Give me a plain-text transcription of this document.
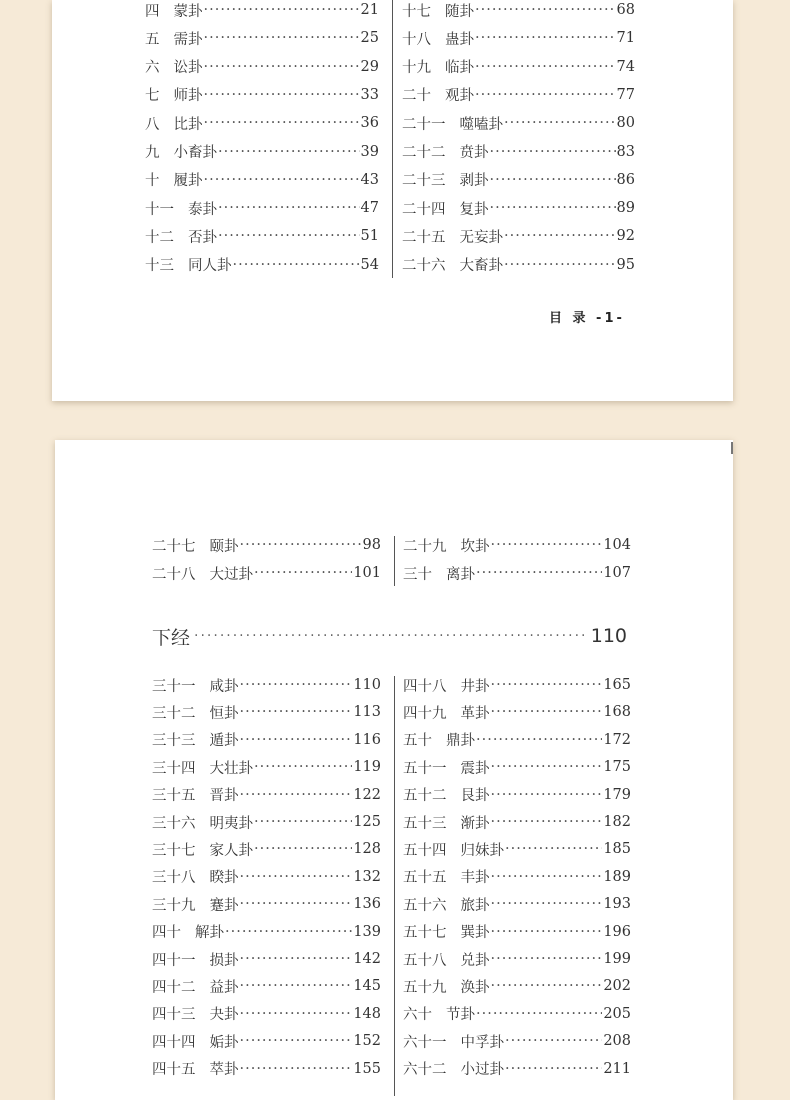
四 蒙卦 ·····	21
五 需卦 ·····	25
六 讼卦 ·····	29
七 师卦 ·····	33
八 比卦 ·····	36
九 小畜卦 ·····	39
十 履卦 ·····	43
十一 泰卦 ·····	47
十二 否卦 ·····	51
十三 同人卦 ·····	54
十七 随卦 ·····	68
十八 蛊卦 ·····	71
十九 临卦 ·····	74
二十 观卦 ·····	77
二十一 噬嗑卦 ·····	80
二十二 贲卦 ·····	83
二十三 剥卦 ·····	86
二十四 复卦 ·····	89
二十五 无妄卦 ·····	92
二十六 大畜卦 ·····	95
目 录 -1-
二十七 颐卦 ·····	98
二十八 大过卦 ·····	101
二十九 坎卦 ·····	104
三十 离卦 ·····	107
下经 ·····	110
三十一 咸卦 ·····	110
三十二 恒卦 ·····	113
三十三 遁卦 ·····	116
三十四 大壮卦 ·····	119
三十五 晋卦 ·····	122
三十六 明夷卦 ·····	125
三十七 家人卦 ·····	128
三十八 睽卦 ·····	132
三十九 蹇卦 ·····	136
四十 解卦 ·····	139
四十一 损卦 ·····	142
四十二 益卦 ·····	145
四十三 夬卦 ·····	148
四十四 姤卦 ·····	152
四十五 萃卦 ·····	155
四十八 井卦 ·····	165
四十九 革卦 ·····	168
五十 鼎卦 ·····	172
五十一 震卦 ·····	175
五十二 艮卦 ·····	179
五十三 渐卦 ·····	182
五十四 归妹卦 ·····	185
五十五 丰卦 ·····	189
五十六 旅卦 ·····	193
五十七 巽卦 ·····	196
五十八 兑卦 ·····	199
五十九 涣卦 ·····	202
六十 节卦 ·····	205
六十一 中孚卦 ·····	208
六十二 小过卦 ·····	211
